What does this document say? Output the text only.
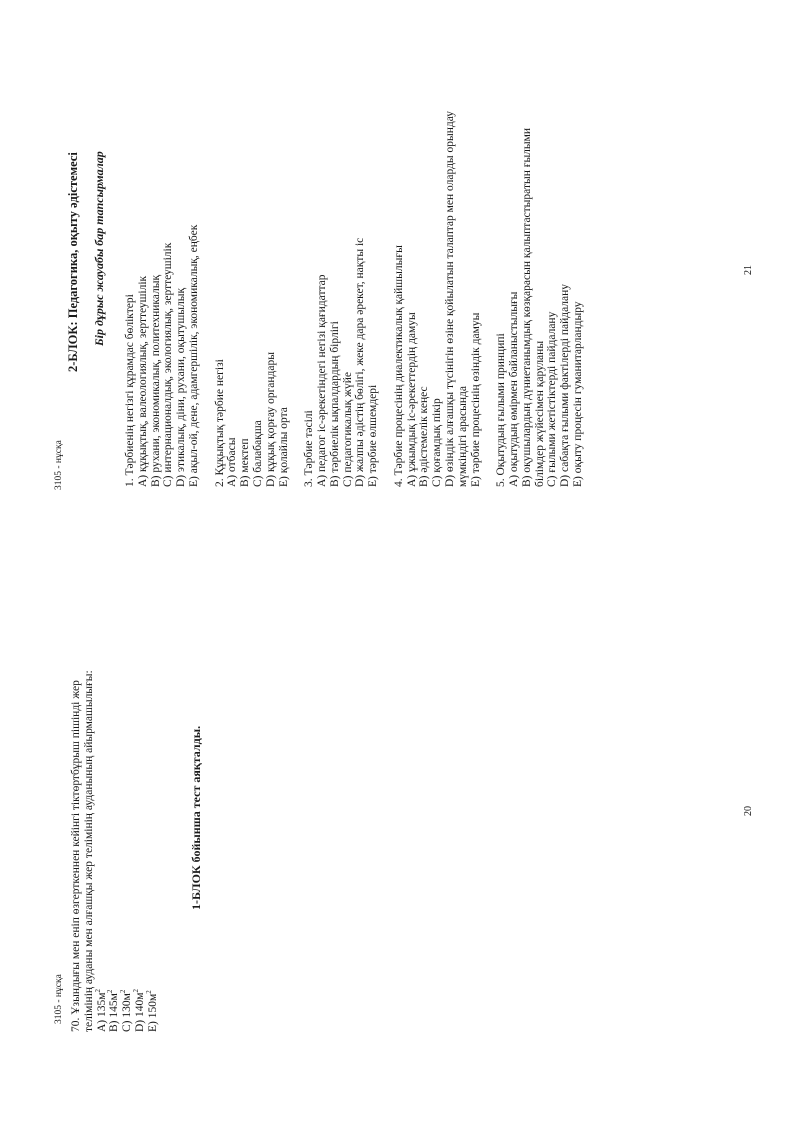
3105 - нұсқа 70. Ұзындығы мен еніп өзгерткеннен кейінгі тіктөртбұрыш пішінді жер телімінің ауданы мен алғашқы жер телімінің ауданының айырмашылығы: A) $135м^2$
B) $145м^2$
C) $130м^2$
D) $140м^2$
E) $150м^2$
1-БЛОК бойынша тест аяқталды.	20
3105 - нұсқа
2-БЛОК: Педагогика, оқыту әдістемесі Бір дұрыс жауабы бар тапсырмалар
1. Тәрбиенің негізгі құрамдас бөліктері A) құқықтық, валеологиялық, зерттеушілік B) рухани, экономикалық, политехникалық C) интернационалдық, экологиялық, зерттеушілік D) этикалық, діни, рухани, оқытушылық E) ақыл-ой, дене, адамгершілік, экономикалық, еңбек 2. Құқықтық тәрбие негізі A) отбасы B) мектеп C) балабақша D) құқық қорғау органдары E) қолайлы орта 3. Тәрбие тәсілі A) педагог іс-әрекетіндегі негізі қағидаттар B) тәрбиелік ықпалдардың бірлігі C) педагогикалық жүйе D) жалпы әдістің бөлігі, жеке дара әрекет, нақты іс E) тәрбие өлшемдері 4. Тәрбие процесінің диалектикалық қайшылығы A) ұжымдық іс-әрекеттердің дамуы B) әдістемелік кеңес C) қоғамдық пікір D) өзіндік алғашқы түсінігін өзіне қойылатын талаптар мен оларды орындау мүмкіндігі арасында E) тәрбие процесінің өзіндік дамуы 5. Оқытудың ғылыми принципі A) оқытудың өмірмен байланыстылығы B) оқушылардың дүниетанымдық көзқарасын қалыптастыратын ғылыми білімдер жүйесімен қаруланы C) ғылыми жетістіктерді пайдалану D) сабақта ғылыми фактілерді пайдалану E) оқыту процесін гуманитарландыру
21
